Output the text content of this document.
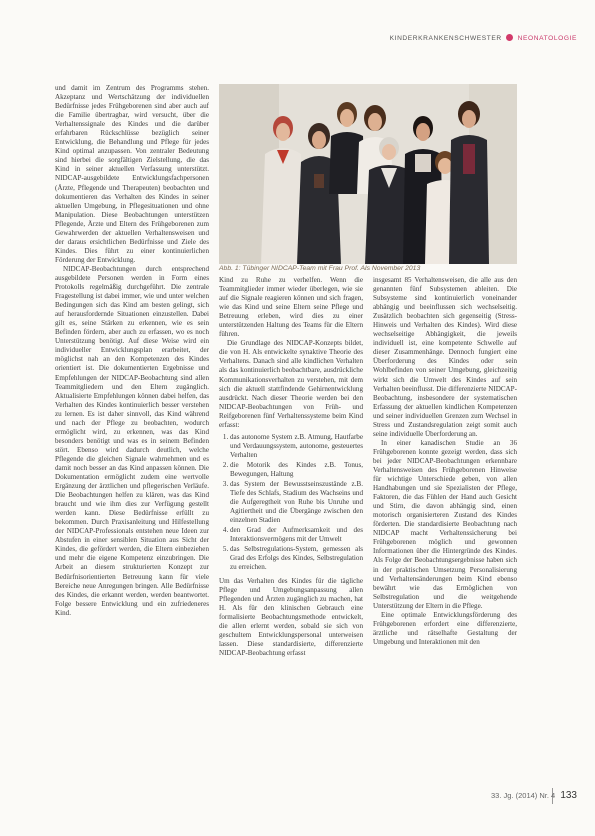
KINDERKRANKENSCHWESTER NEONATOLOGIE

und damit im Zentrum des Programms stehen. Akzeptanz und Wertschätzung der individuellen Bedürfnisse jedes Frühgeborenen sind aber auch auf die Familie übertragbar, wird versucht, über die Verhaltenssignale des Kindes und die darüber erfahrbaren Rückschlüsse bezüglich seiner Entwicklung, die Behandlung und Pflege für jedes Kind optimal anzupassen. Von zentraler Bedeutung sind hierbei die sorgfältigen Zielstellung, die das Kind in seiner aktuellen Verfassung unterstützt. NIDCAP-ausgebildete Entwicklungsfachpersonen (Ärzte, Pflegende und Therapeuten) beobachten und dokumentieren das Verhalten des Kindes in seiner aktuellen Umgebung, in Pflegesituationen und ohne Manipulation. Diese Beobachtungen unterstützen Pflegende, Ärzte und Eltern des Frühgeborenen zum Gewahrwerden der aktuellen Verhaltensweisen und der daraus ersichtlichen Bedürfnisse und Ziele des Kindes. Dies führt zu einer kontinuierlichen Förderung der Entwicklung.

NIDCAP-Beobachtungen durch entsprechend ausgebildete Personen werden in Form eines Protokolls regelmäßig durchgeführt. Die zentrale Fragestellung ist dabei immer, wie und unter welchen Bedingungen sich das Kind am besten gelingt, sich auf herausfordernde Situationen einzustellen. Dabei gilt es, seine Stärken zu erkennen, wie es sein Befinden fördern, aber auch zu erfassen, wo es noch Unterstützung benötigt. Auf diese Weise wird ein individueller Entwicklungsplan erarbeitet, der möglichst nah an den Kompetenzen des Kindes orientiert ist. Die dokumentierten Ergebnisse und Empfehlungen der NIDCAP-Beobachtung sind allen Teammitgliedern und den Eltern zugänglich. Aktualisierte Empfehlungen können dabei helfen, das Verhalten des Kindes kontinuierlich besser verstehen zu lernen. Es ist daher sinnvoll, das Kind während und nach der Pflege zu beobachten, wodurch ermöglicht wird, zu erkennen, was das Kind besonders benötigt und was es in seinem Befinden stört. Ebenso wird dadurch deutlich, welche Pflegende die gleichen Signale wahrnehmen und es damit noch besser an das Kind anpassen können. Die Dokumentation ermöglicht zudem eine wertvolle Ergänzung der ärztlichen und pflegerischen Verläufe. Die Beobachtungen helfen zu klären, was das Kind braucht und wie ihm dies zur Verfügung gestellt werden kann. Diese Bedürfnisse erfüllt zu bekommen. Durch Praxisanleitung und Hilfestellung der NIDCAP-Professionals entstehen neue Ideen zur Abstufen in einer sensiblen Situation aus Sicht der Kindes, die gefördert werden, die Eltern einbeziehen und mehr die eigene Kompetenz einzubringen. Die Arbeit an diesem strukturierten Konzept zur Bedürfnisorientierten Betreuung kann für viele Bereiche neue Anregungen bringen. Alle Bedürfnisse des Kindes, die erkannt werden, werden beantwortet. Folge bessere Entwicklung und ein zufriedeneres Kind.

Abb. 1: Tübinger NIDCAP-Team mit Frau Prof. Als November 2013

Kind zu Ruhe zu verhelfen. Wenn die Teammitglieder immer wieder überlegen, wie sie auf die Signale reagieren können und sich fragen, wie das Kind und seine Eltern seine Pflege und Betreuung erleben, wird dies zu einer unterstützenden Haltung des Teams für die Eltern führen.

Die Grundlage des NIDCAP-Konzepts bildet, die von H. Als entwickelte synaktive Theorie des Verhaltens. Danach sind alle kindlichen Verhalten als das kontinuierlich beobachtbare, ausdrückliche Kommunikationsverhalten zu verstehen, mit dem sich die aktuell stattfindende Gehirnentwicklung ausdrückt. Nach dieser Theorie werden bei den NIDCAP-Beobachtungen von Früh- und Reifgeborenen fünf Verhaltenssysteme beim Kind erfasst:

1. das autonome System z.B. Atmung, Hautfarbe und Verdauungssystem, autonome, gesteuertes Verhalten
2. die Motorik des Kindes z.B. Tonus, Bewegungen, Haltung
3. das System der Bewusstseinszustände z.B. Tiefe des Schlafs, Stadium des Wachseins und die Aufgeregtheit von Ruhe bis Unruhe und Agitiertheit und die Übergänge zwischen den einzelnen Stadien
4. den Grad der Aufmerksamkeit und des Interaktionsvermögens mit der Umwelt
5. das Selbstregulations-System, gemessen als Grad des Erfolgs des Kindes, Selbstregulation zu erreichen.

Um das Verhalten des Kindes für die tägliche Pflege und Umgebungsanpassung allen Pflegenden und Ärzten zugänglich zu machen, hat H. Als für den klinischen Gebrauch eine formalisierte Beobachtungsmethode entwickelt, die allen erlernt werden, sobald sie sich von geschultem Entwicklungspersonal unterweisen lassen. Diese standardisierte, differenzierte NIDCAP-Beobachtung erfasst

insgesamt 85 Verhaltensweisen, die alle aus den genannten fünf Subsystemen ableiten. Die Subsysteme sind kontinuierlich voneinander abhängig und beeinflussen sich wechselseitig. Zusätzlich beobachten sich gegenseitig (Stress-Hinweis und Verhalten des Kindes). Wird diese wechselseitige Abhängigkeit, die jeweils individuell ist, eine kompetente Schwelle auf dieser Zusammenhänge. Dennoch fungiert eine Überforderung des Kindes oder sein Wohlbefinden von seiner Umgebung, gleichzeitig wirkt sich die Umwelt des Kindes auf sein Verhalten beeinflusst. Die differenzierte NIDCAP-Beobachtung, insbesondere der systematischen Erfassung der aktuellen kindlichen Kompetenzen und seiner individuellen Grenzen zum Wechsel in Stress und Zustandsregulation zeigt somit auch seine individuelle Überforderung an.

In einer kanadischen Studie an 36 Frühgeborenen konnte gezeigt werden, dass sich bei jeder NIDCAP-Beobachtungen erkennbare Verhaltensweisen des Frühgeborenen Hinweise für wichtige Unterschiede geben, von allen Handhabungen und sie Spezialisten der Pflege, Faktoren, die das Fühlen der Hand auch Gesicht und Stirn, die davon abhängig sind, einen motorisch organisierteren Zustand des Kindes förderten. Die standardisierte Beobachtung nach NIDCAP macht Verhaltenssicherung bei Frühgeborenen möglich und gewonnen Informationen über die Hintergründe des Kindes. Als Folge der Beobachtungsergebnisse haben sich in der praktischen Umsetzung Personalisierung und Verhaltensänderungen beim Kind ebenso bewährt wie das Ermöglichen von Selbstregulation und die weitgehende Unterstützung der Eltern in die Pflege.

Eine optimale Entwicklungsförderung des Frühgeborenen erfordert eine differenzierte, ärztliche und rätselhafte Gestaltung der Umgebung und Interaktionen mit den

33. Jg. (2014) Nr. 4 133
